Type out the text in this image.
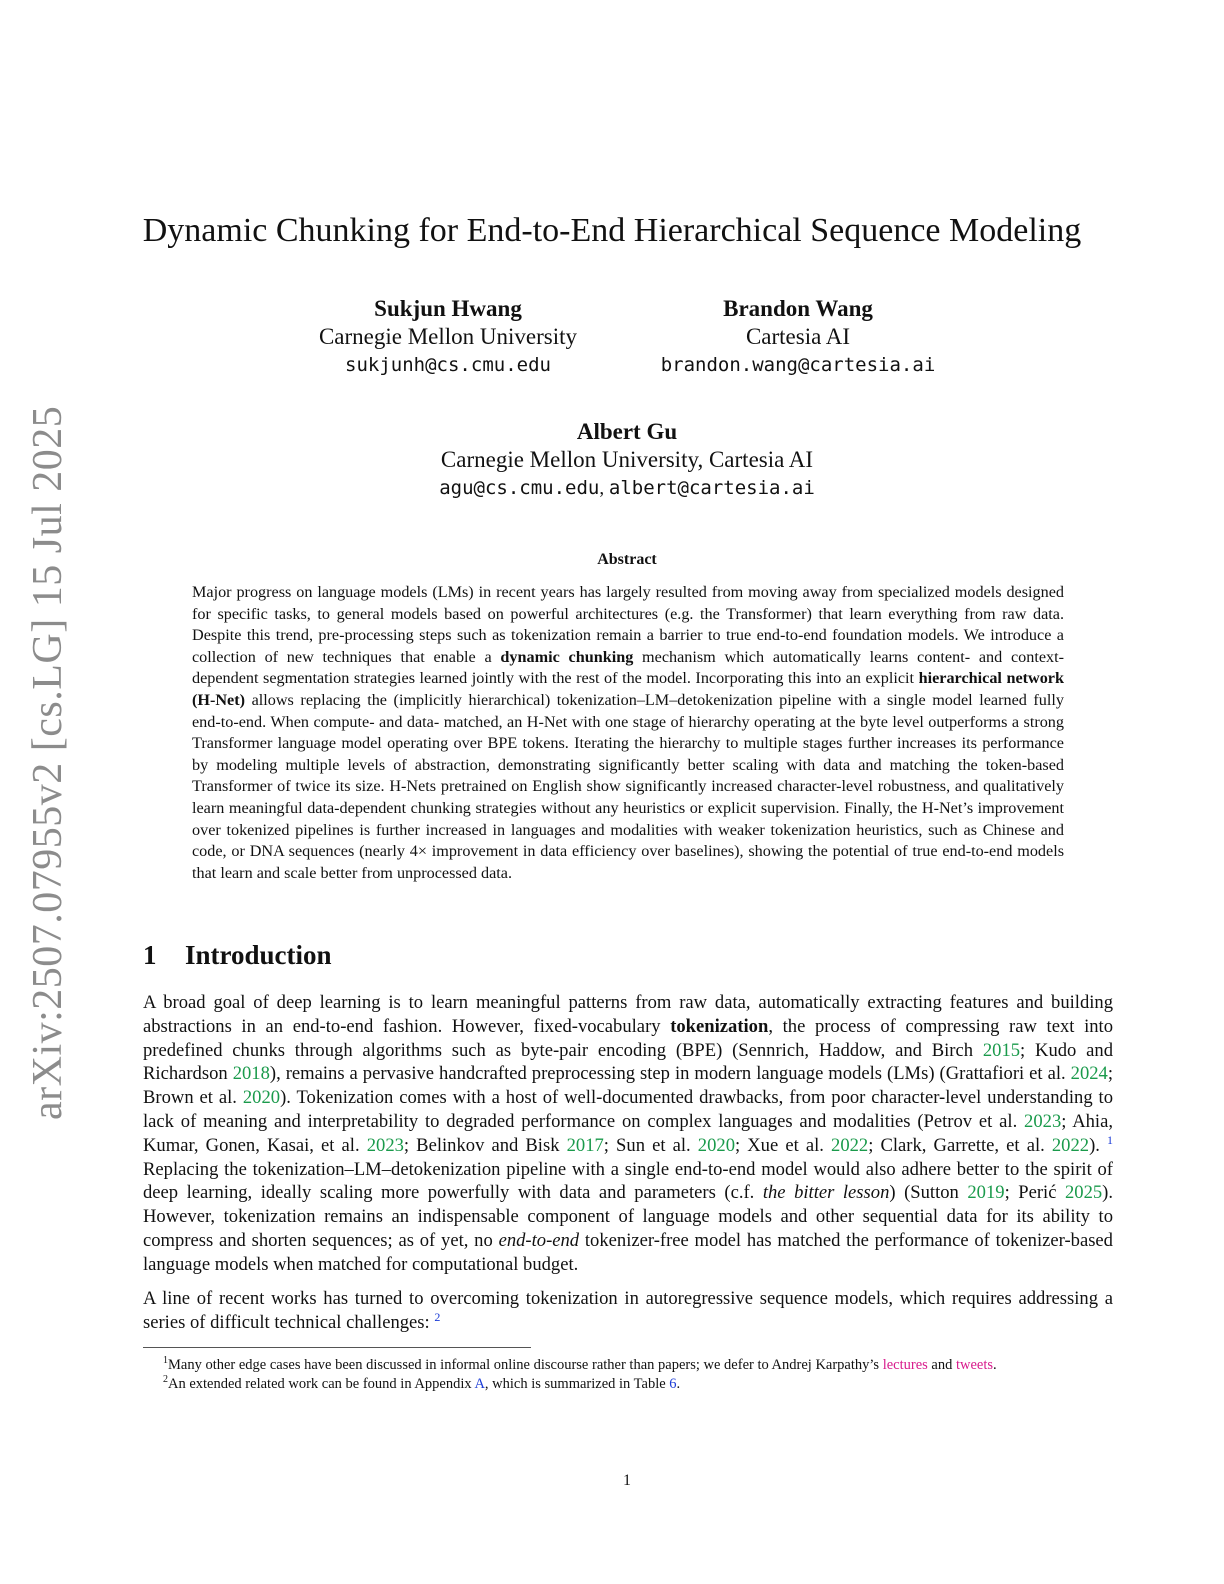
arXiv:2507.07955v2 [cs.LG] 15 Jul 2025
Dynamic Chunking for End-to-End Hierarchical Sequence Modeling
Sukjun Hwang
Carnegie Mellon University
sukjunh@cs.cmu.edu
Brandon Wang
Cartesia AI
brandon.wang@cartesia.ai
Albert Gu
Carnegie Mellon University, Cartesia AI
agu@cs.cmu.edu, albert@cartesia.ai
Abstract

Major progress on language models (LMs) in recent years has largely resulted from moving away from specialized models designed for specific tasks, to general models based on powerful architectures (e.g. the Transformer) that learn everything from raw data. Despite this trend, pre-processing steps such as tokenization remain a barrier to true end-to-end foundation models. We introduce a collection of new techniques that enable a dynamic chunking mechanism which automatically learns content- and context- dependent segmentation strategies learned jointly with the rest of the model. Incorporating this into an explicit hierarchical network (H-Net) allows replacing the (implicitly hierarchical) tokenization–LM–detokenization pipeline with a single model learned fully end-to-end. When compute- and data- matched, an H-Net with one stage of hierarchy operating at the byte level outperforms a strong Transformer language model operating over BPE tokens. Iterating the hierarchy to multiple stages further increases its performance by modeling multiple levels of abstraction, demonstrating significantly better scaling with data and matching the token-based Transformer of twice its size. H-Nets pretrained on English show significantly increased character-level robustness, and qualitatively learn meaningful data-dependent chunking strategies without any heuristics or explicit supervision. Finally, the H-Net’s improvement over tokenized pipelines is further increased in languages and modalities with weaker tokenization heuristics, such as Chinese and code, or DNA sequences (nearly 4× improvement in data efficiency over baselines), showing the potential of true end-to-end models that learn and scale better from unprocessed data.

1 Introduction

A broad goal of deep learning is to learn meaningful patterns from raw data, automatically extracting features and building abstractions in an end-to-end fashion. However, fixed-vocabulary tokenization, the process of compressing raw text into predefined chunks through algorithms such as byte-pair encoding (BPE) (Sennrich, Haddow, and Birch 2015; Kudo and Richardson 2018), remains a pervasive handcrafted preprocessing step in modern language models (LMs) (Grattafiori et al. 2024; Brown et al. 2020). Tokenization comes with a host of well-documented drawbacks, from poor character-level understanding to lack of meaning and interpretability to degraded performance on complex languages and modalities (Petrov et al. 2023; Ahia, Kumar, Gonen, Kasai, et al. 2023; Belinkov and Bisk 2017; Sun et al. 2020; Xue et al. 2022; Clark, Garrette, et al. 2022). $^1$ Replacing the tokenization–LM–detokenization pipeline with a single end-to-end model would also adhere better to the spirit of deep learning, ideally scaling more powerfully with data and parameters (c.f. the bitter lesson) (Sutton 2019; Perić 2025). However, tokenization remains an indispensable component of language models and other sequential data for its ability to compress and shorten sequences; as of yet, no end-to-end tokenizer-free model has matched the performance of tokenizer-based language models when matched for computational budget.

A line of recent works has turned to overcoming tokenization in autoregressive sequence models, which requires addressing a series of difficult technical challenges: $^2$

$^1$Many other edge cases have been discussed in informal online discourse rather than papers; we defer to Andrej Karpathy’s lectures and tweets.
$^2$An extended related work can be found in Appendix A, which is summarized in Table 6.
1
